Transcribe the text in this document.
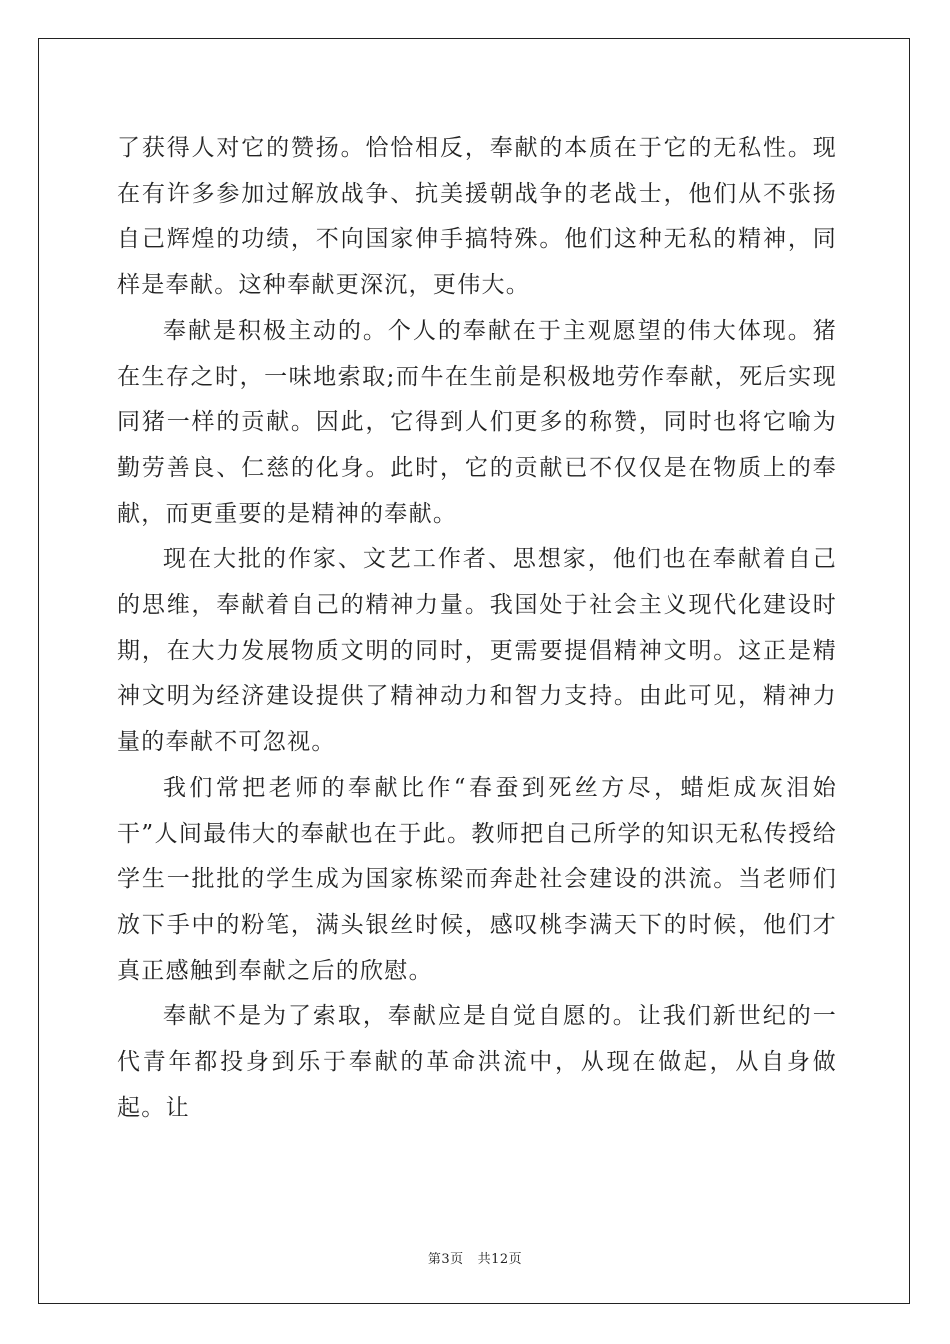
了获得人对它的赞扬。恰恰相反，奉献的本质在于它的无私性。现在有许多参加过解放战争、抗美援朝战争的老战士，他们从不张扬自己辉煌的功绩，不向国家伸手搞特殊。他们这种无私的精神，同样是奉献。这种奉献更深沉，更伟大。

奉献是积极主动的。个人的奉献在于主观愿望的伟大体现。猪在生存之时，一味地索取;而牛在生前是积极地劳作奉献，死后实现同猪一样的贡献。因此，它得到人们更多的称赞，同时也将它喻为勤劳善良、仁慈的化身。此时，它的贡献已不仅仅是在物质上的奉献，而更重要的是精神的奉献。

现在大批的作家、文艺工作者、思想家，他们也在奉献着自己的思维，奉献着自己的精神力量。我国处于社会主义现代化建设时期，在大力发展物质文明的同时，更需要提倡精神文明。这正是精神文明为经济建设提供了精神动力和智力支持。由此可见，精神力量的奉献不可忽视。

我们常把老师的奉献比作“春蚕到死丝方尽，蜡炬成灰泪始干”人间最伟大的奉献也在于此。教师把自己所学的知识无私传授给学生一批批的学生成为国家栋梁而奔赴社会建设的洪流。当老师们放下手中的粉笔，满头银丝时候，感叹桃李满天下的时候，他们才真正感触到奉献之后的欣慰。

奉献不是为了索取，奉献应是自觉自愿的。让我们新世纪的一代青年都投身到乐于奉献的革命洪流中，从现在做起，从自身做起。让

第3页 共12页
